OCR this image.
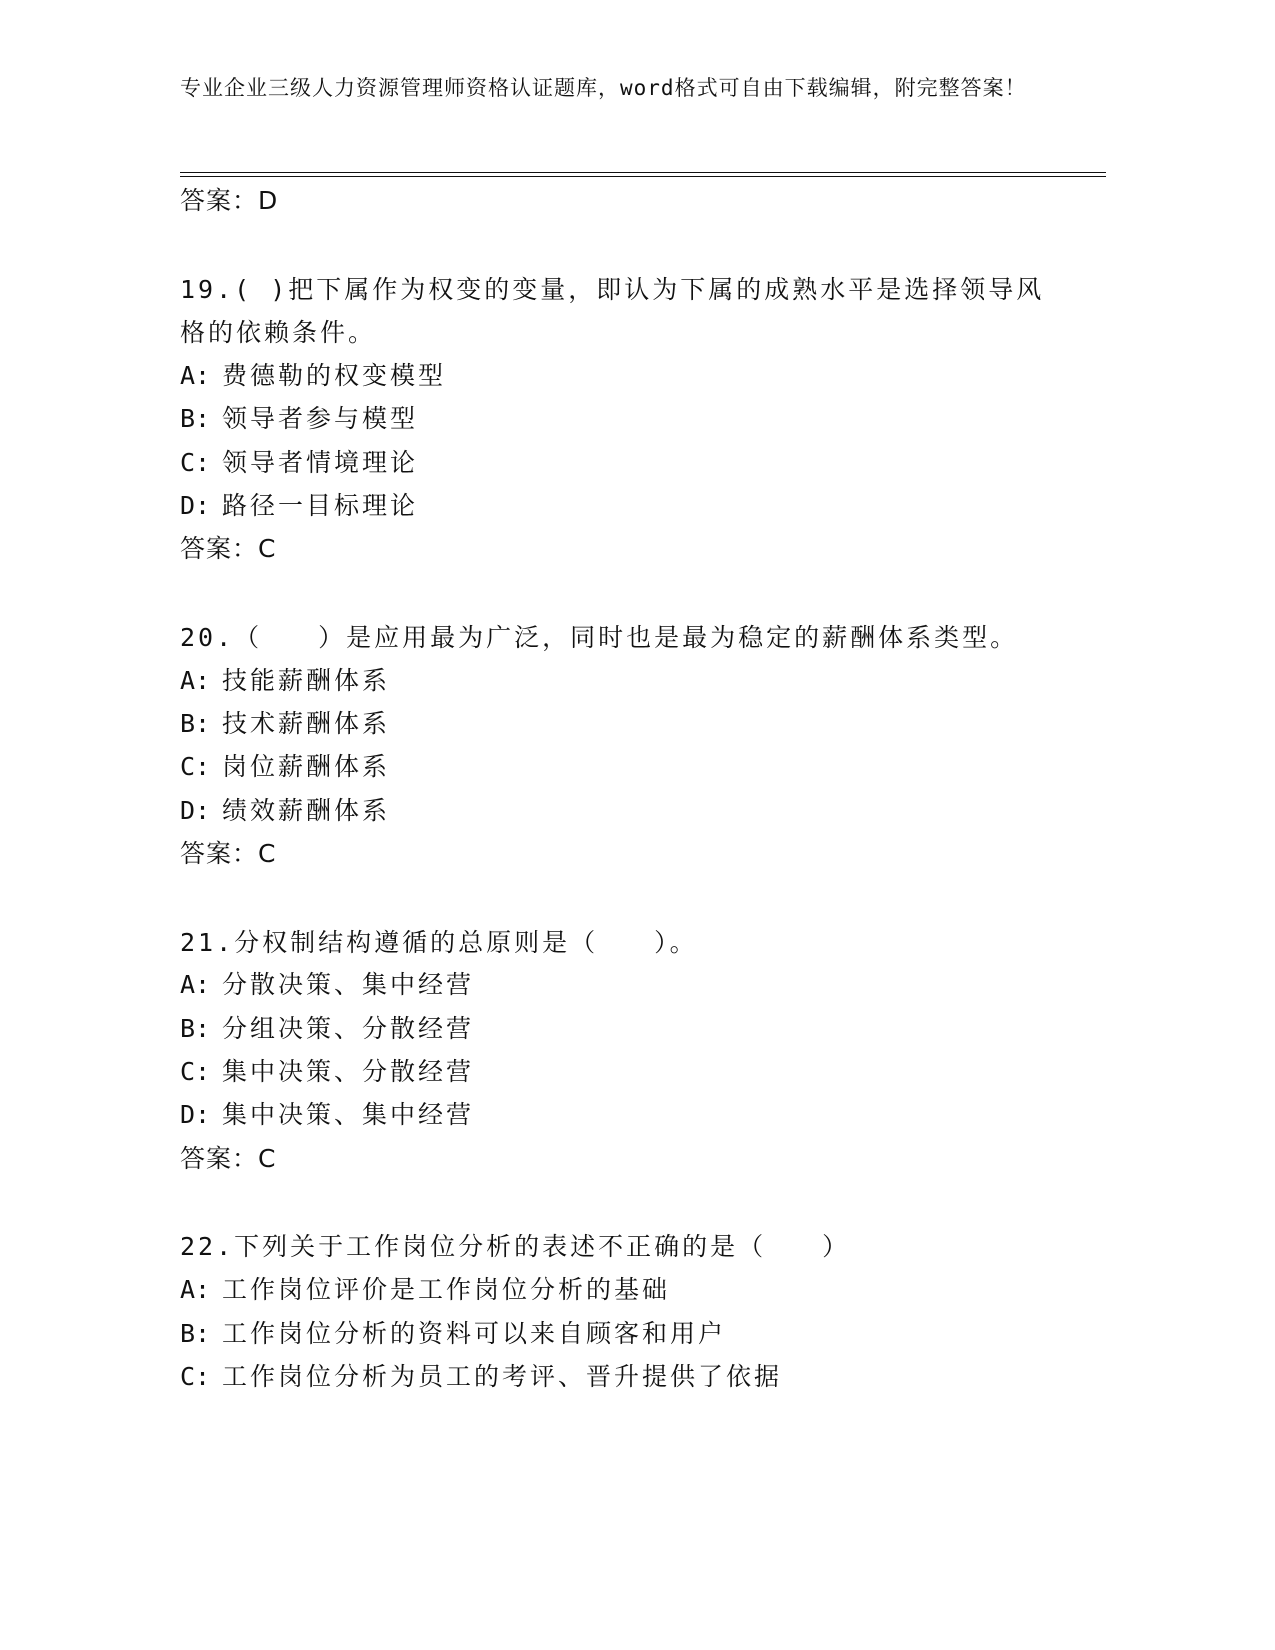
专业企业三级人力资源管理师资格认证题库，word格式可自由下载编辑，附完整答案！
答案：D
19.( )把下属作为权变的变量，即认为下属的成熟水平是选择领导风格的依赖条件。
A: 费德勒的权变模型
B: 领导者参与模型
C: 领导者情境理论
D: 路径一目标理论
答案：C
20.（　　）是应用最为广泛，同时也是最为稳定的薪酬体系类型。
A: 技能薪酬体系
B: 技术薪酬体系
C: 岗位薪酬体系
D: 绩效薪酬体系
答案：C
21.分权制结构遵循的总原则是（　　）。
A: 分散决策、集中经营
B: 分组决策、分散经营
C: 集中决策、分散经营
D: 集中决策、集中经营
答案：C
22.下列关于工作岗位分析的表述不正确的是（　　）
A: 工作岗位评价是工作岗位分析的基础
B: 工作岗位分析的资料可以来自顾客和用户
C: 工作岗位分析为员工的考评、晋升提供了依据
